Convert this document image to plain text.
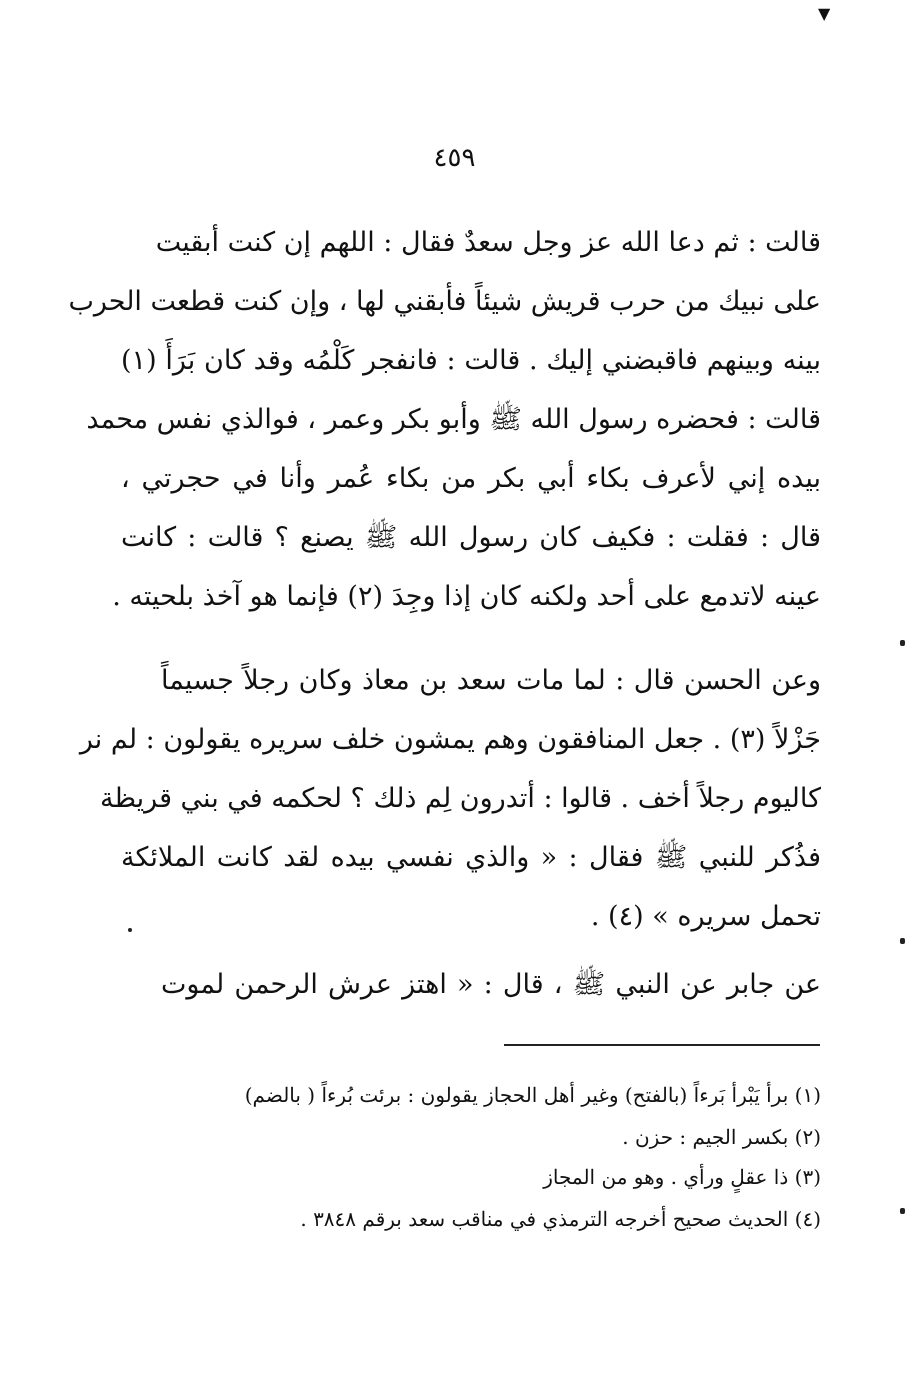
▼
٤٥٩
قالت : ثم دعا الله عز وجل سعدٌ فقال : اللهم إن كنت أبقيت
على نبيك من حرب قريش شيئاً فأبقني لها ، وإن كنت قطعت الحرب
بينه وبينهم فاقبضني إليك . قالت : فانفجر كَلْمُه وقد كان بَرَأَ (١)
قالت : فحضره رسول الله ﷺ وأبو بكر وعمر ، فوالذي نفس محمد
بيده إني لأعرف بكاء أبي بكر من بكاء عُمر وأنا في حجرتي ،
قال : فقلت : فكيف كان رسول الله ﷺ يصنع ؟ قالت : كانت
عينه لاتدمع على أحد ولكنه كان إذا وجِدَ (٢) فإنما هو آخذ بلحيته .
وعن الحسن قال : لما مات سعد بن معاذ وكان رجلاً جسيماً
جَزْلاً (٣) . جعل المنافقون وهم يمشون خلف سريره يقولون : لم نر
كاليوم رجلاً أخف . قالوا : أتدرون لِم ذلك ؟ لحكمه في بني قريظة
فذُكر للنبي ﷺ فقال : « والذي نفسي بيده لقد كانت الملائكة
تحمل سريره » (٤) .
عن جابر عن النبي ﷺ ، قال : « اهتز عرش الرحمن لموت
(١) برأ يَبْرأ بَرءاً (بالفتح) وغير أهل الحجاز يقولون : برئت بُرءاً ( بالضم)
(٢) بكسر الجيم : حزن .
(٣) ذا عقلٍ ورأي . وهو من المجاز
(٤) الحديث صحيح أخرجه الترمذي في مناقب سعد برقم ٣٨٤٨ .
